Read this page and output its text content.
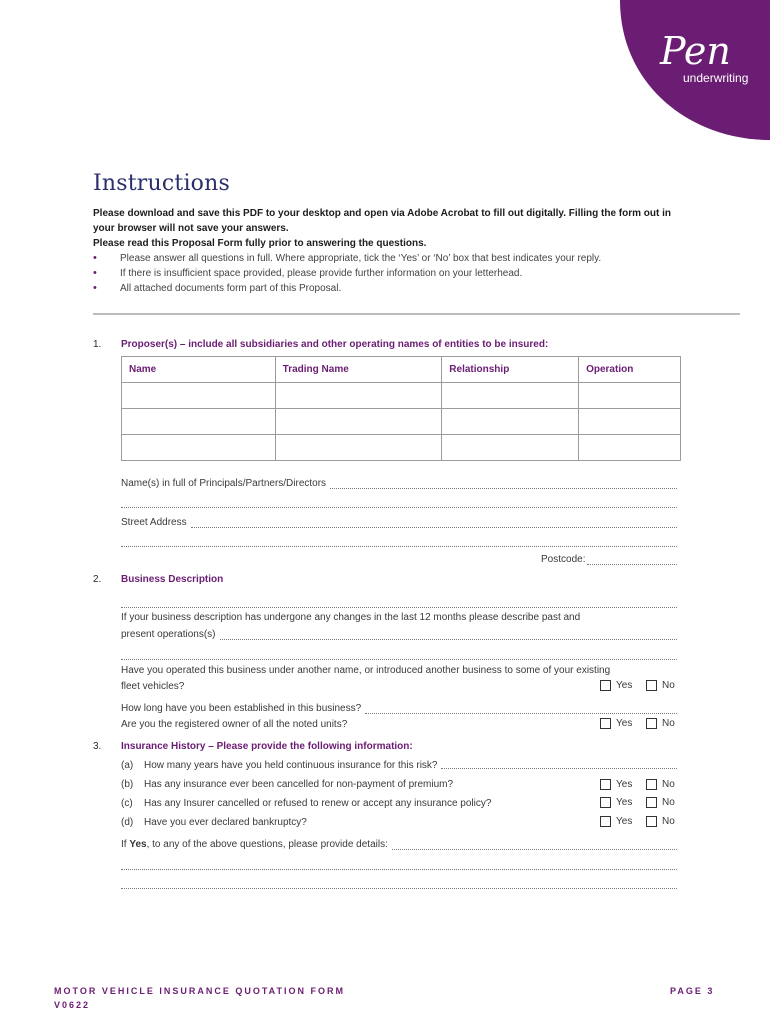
Pen
underwriting
Instructions
Please download and save this PDF to your desktop and open via Adobe Acrobat to fill out digitally. Filling the form out in your browser will not save your answers.
Please read this Proposal Form fully prior to answering the questions.
• Please answer all questions in full. Where appropriate, tick the ‘Yes’ or ‘No’ box that best indicates your reply.
• If there is insufficient space provided, please provide further information on your letterhead.
• All attached documents form part of this Proposal.
1. Proposer(s) – include all subsidiaries and other operating names of entities to be insured:
Name	Trading Name	Relationship	Operation

Name(s) in full of Principals/Partners/Directors
Street Address
Postcode:
2. Business Description
If your business description has undergone any changes in the last 12 months please describe past and
present operations(s)
Have you operated this business under another name, or introduced another business to some of your existing
fleet vehicles?	Yes	No
How long have you been established in this business?
Are you the registered owner of all the noted units?	Yes	No
3. Insurance History – Please provide the following information:
(a)	How many years have you held continuous insurance for this risk?
(b)	Has any insurance ever been cancelled for non-payment of premium?	Yes	No
(c)	Has any Insurer cancelled or refused to renew or accept any insurance policy?	Yes	No
(d)	Have you ever declared bankruptcy?	Yes	No
If Yes, to any of the above questions, please provide details:
MOTOR VEHICLE INSURANCE QUOTATION FORM
V0622
PAGE 3
